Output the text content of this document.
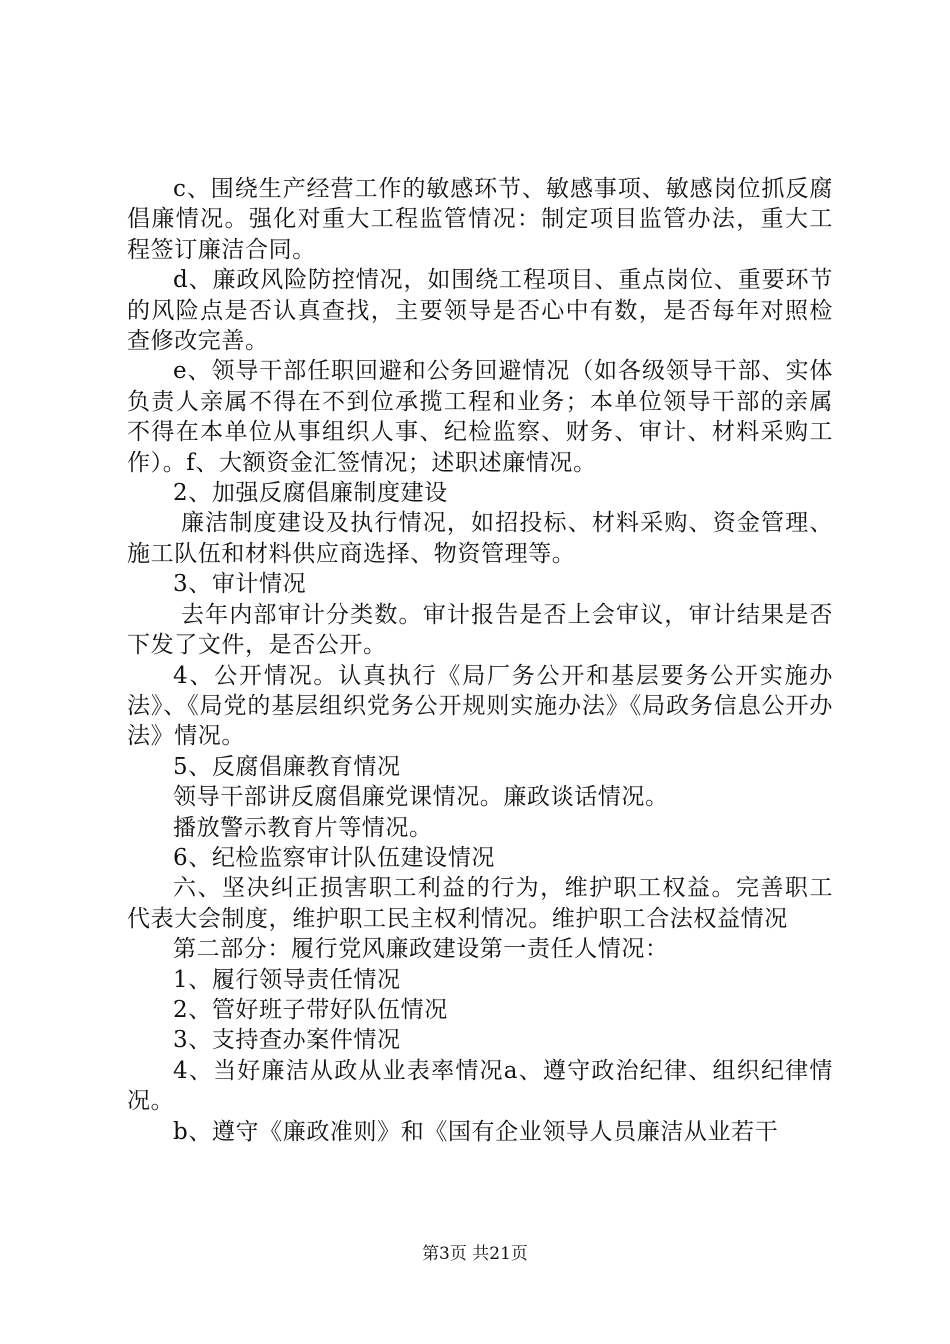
c、围绕生产经营工作的敏感环节、敏感事项、敏感岗位抓反腐倡廉情况。强化对重大工程监管情况：制定项目监管办法，重大工程签订廉洁合同。

d、廉政风险防控情况，如围绕工程项目、重点岗位、重要环节的风险点是否认真查找，主要领导是否心中有数，是否每年对照检查修改完善。

e、领导干部任职回避和公务回避情况（如各级领导干部、实体负责人亲属不得在不到位承揽工程和业务；本单位领导干部的亲属不得在本单位从事组织人事、纪检监察、财务、审计、材料采购工作）。f、大额资金汇签情况；述职述廉情况。

2、加强反腐倡廉制度建设

廉洁制度建设及执行情况，如招投标、材料采购、资金管理、施工队伍和材料供应商选择、物资管理等。

3、审计情况

去年内部审计分类数。审计报告是否上会审议，审计结果是否下发了文件，是否公开。

4、公开情况。认真执行《局厂务公开和基层要务公开实施办法》、《局党的基层组织党务公开规则实施办法》《局政务信息公开办法》情况。

5、反腐倡廉教育情况

领导干部讲反腐倡廉党课情况。廉政谈话情况。

播放警示教育片等情况。

6、纪检监察审计队伍建设情况

六、坚决纠正损害职工利益的行为，维护职工权益。完善职工代表大会制度，维护职工民主权利情况。维护职工合法权益情况

第二部分：履行党风廉政建设第一责任人情况：

1、履行领导责任情况

2、管好班子带好队伍情况

3、支持查办案件情况

4、当好廉洁从政从业表率情况a、遵守政治纪律、组织纪律情况。

b、遵守《廉政准则》和《国有企业领导人员廉洁从业若干

第3页 共21页
